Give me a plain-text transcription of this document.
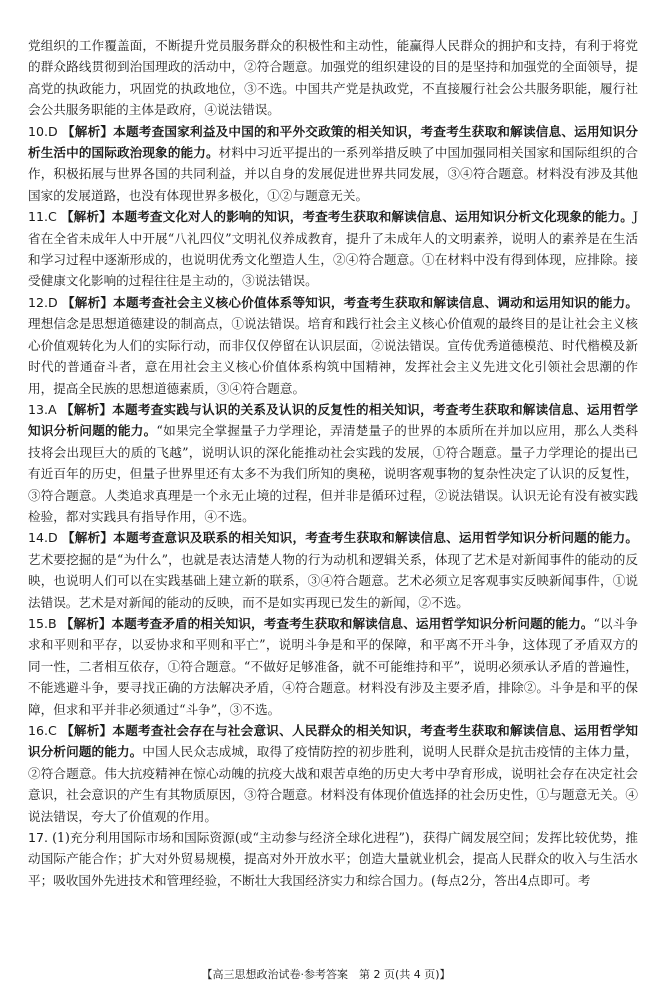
党组织的工作覆盖面，不断提升党员服务群众的积极性和主动性，能赢得人民群众的拥护和支持，有利于将党的群众路线贯彻到治国理政的活动中，②符合题意。加强党的组织建设的目的是坚持和加强党的全面领导，提高党的执政能力，巩固党的执政地位，③不选。中国共产党是执政党，不直接履行社会公共服务职能，履行社会公共服务职能的主体是政府，④说法错误。
10.D 【解析】本题考查国家利益及中国的和平外交政策的相关知识，考查考生获取和解读信息、运用知识分析生活中的国际政治现象的能力。材料中习近平提出的一系列举措反映了中国加强同相关国家和国际组织的合作，积极拓展与世界各国的共同利益，并以自身的发展促进世界共同发展，③④符合题意。材料没有涉及其他国家的发展道路，也没有体现世界多极化，①②与题意无关。
11.C 【解析】本题考查文化对人的影响的知识，考查考生获取和解读信息、运用知识分析文化现象的能力。J省在全省未成年人中开展“八礼四仪”文明礼仪养成教育，提升了未成年人的文明素养，说明人的素养是在生活和学习过程中逐渐形成的，也说明优秀文化塑造人生，②④符合题意。①在材料中没有得到体现，应排除。接受健康文化影响的过程往往是主动的，③说法错误。
12.D 【解析】本题考查社会主义核心价值体系等知识，考查考生获取和解读信息、调动和运用知识的能力。理想信念是思想道德建设的制高点，①说法错误。培育和践行社会主义核心价值观的最终目的是让社会主义核心价值观转化为人们的实际行动，而非仅仅停留在认识层面，②说法错误。宣传优秀道德模范、时代楷模及新时代的普通奋斗者，意在用社会主义核心价值体系构筑中国精神，发挥社会主义先进文化引领社会思潮的作用，提高全民族的思想道德素质，③④符合题意。
13.A 【解析】本题考查实践与认识的关系及认识的反复性的相关知识，考查考生获取和解读信息、运用哲学知识分析问题的能力。“如果完全掌握量子力学理论，弄清楚量子的世界的本质所在并加以应用，那么人类科技将会出现巨大的质的飞越”，说明认识的深化能推动社会实践的发展，①符合题意。量子力学理论的提出已有近百年的历史，但量子世界里还有太多不为我们所知的奥秘，说明客观事物的复杂性决定了认识的反复性，③符合题意。人类追求真理是一个永无止境的过程，但并非是循环过程，②说法错误。认识无论有没有被实践检验，都对实践具有指导作用，④不选。
14.D 【解析】本题考查意识及联系的相关知识，考查考生获取和解读信息、运用哲学知识分析问题的能力。艺术要挖掘的是“为什么”，也就是表达清楚人物的行为动机和逻辑关系，体现了艺术是对新闻事件的能动的反映，也说明人们可以在实践基础上建立新的联系，③④符合题意。艺术必须立足客观事实反映新闻事件，①说法错误。艺术是对新闻的能动的反映，而不是如实再现已发生的新闻，②不选。
15.B 【解析】本题考查矛盾的相关知识，考查考生获取和解读信息、运用哲学知识分析问题的能力。“以斗争求和平则和平存，以妥协求和平则和平亡”，说明斗争是和平的保障，和平离不开斗争，这体现了矛盾双方的同一性，二者相互依存，①符合题意。“不做好足够准备，就不可能维持和平”，说明必须承认矛盾的普遍性，不能逃避斗争，要寻找正确的方法解决矛盾，④符合题意。材料没有涉及主要矛盾，排除②。斗争是和平的保障，但求和平并非必须通过“斗争”，③不选。
16.C 【解析】本题考查社会存在与社会意识、人民群众的相关知识，考查考生获取和解读信息、运用哲学知识分析问题的能力。中国人民众志成城，取得了疫情防控的初步胜利，说明人民群众是抗击疫情的主体力量，②符合题意。伟大抗疫精神在惊心动魄的抗疫大战和艰苦卓绝的历史大考中孕育形成，说明社会存在决定社会意识，社会意识的产生有其物质原因，③符合题意。材料没有体现价值选择的社会历史性，①与题意无关。④说法错误，夸大了价值观的作用。
17. (1)充分利用国际市场和国际资源(或“主动参与经济全球化进程”)，获得广阔发展空间；发挥比较优势，推动国际产能合作；扩大对外贸易规模，提高对外开放水平；创造大量就业机会，提高人民群众的收入与生活水平；吸收国外先进技术和管理经验，不断壮大我国经济实力和综合国力。(每点2分，答出4点即可。考
【高三思想政治试卷·参考答案　第 2 页(共 4 页)】
